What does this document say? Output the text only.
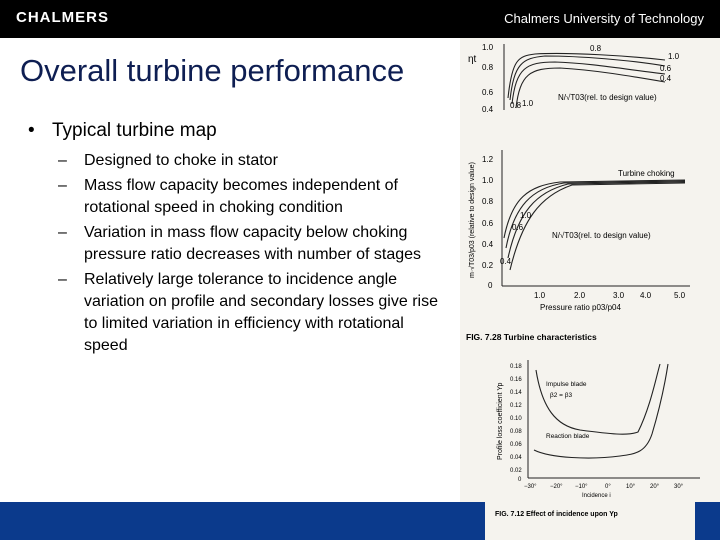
CHALMERS	Chalmers University of Technology
Overall turbine performance
• Typical turbine map
– Designed to choke in stator
– Mass flow capacity becomes independent of rotational speed in choking condition
– Variation in mass flow capacity below choking pressure ratio decreases with number of stages
– Relatively large tolerance to incidence angle variation on profile and secondary losses give rise to limited variation in efficiency with rotational speed
ηt
1.0
0.8
0.6
0.4
0.8
1.0
0.6
0.4
0.8 1.0
N/√T03(rel. to design value)
m·√T03/p03 (relative to design value)
1.2
1.0
0.8
0.6
0.4
0.2
0
Turbine choking
1.0
0.6
0.4
N/√T03(rel. to design value)
1.0	2.0	3.0 4.0	5.0
Pressure ratio p03/p04
FIG. 7.28 Turbine characteristics
Profile loss coefficient Yp
0.18
0.16
0.14
0.12
0.10
0.08
0.06
0.04
0.02
0
Impulse blade
β2 = β3
Reaction blade
−30° −20° −10°	0°	10° 20° 30°
Incidence i
FIG. 7.12 Effect of incidence upon Yp
